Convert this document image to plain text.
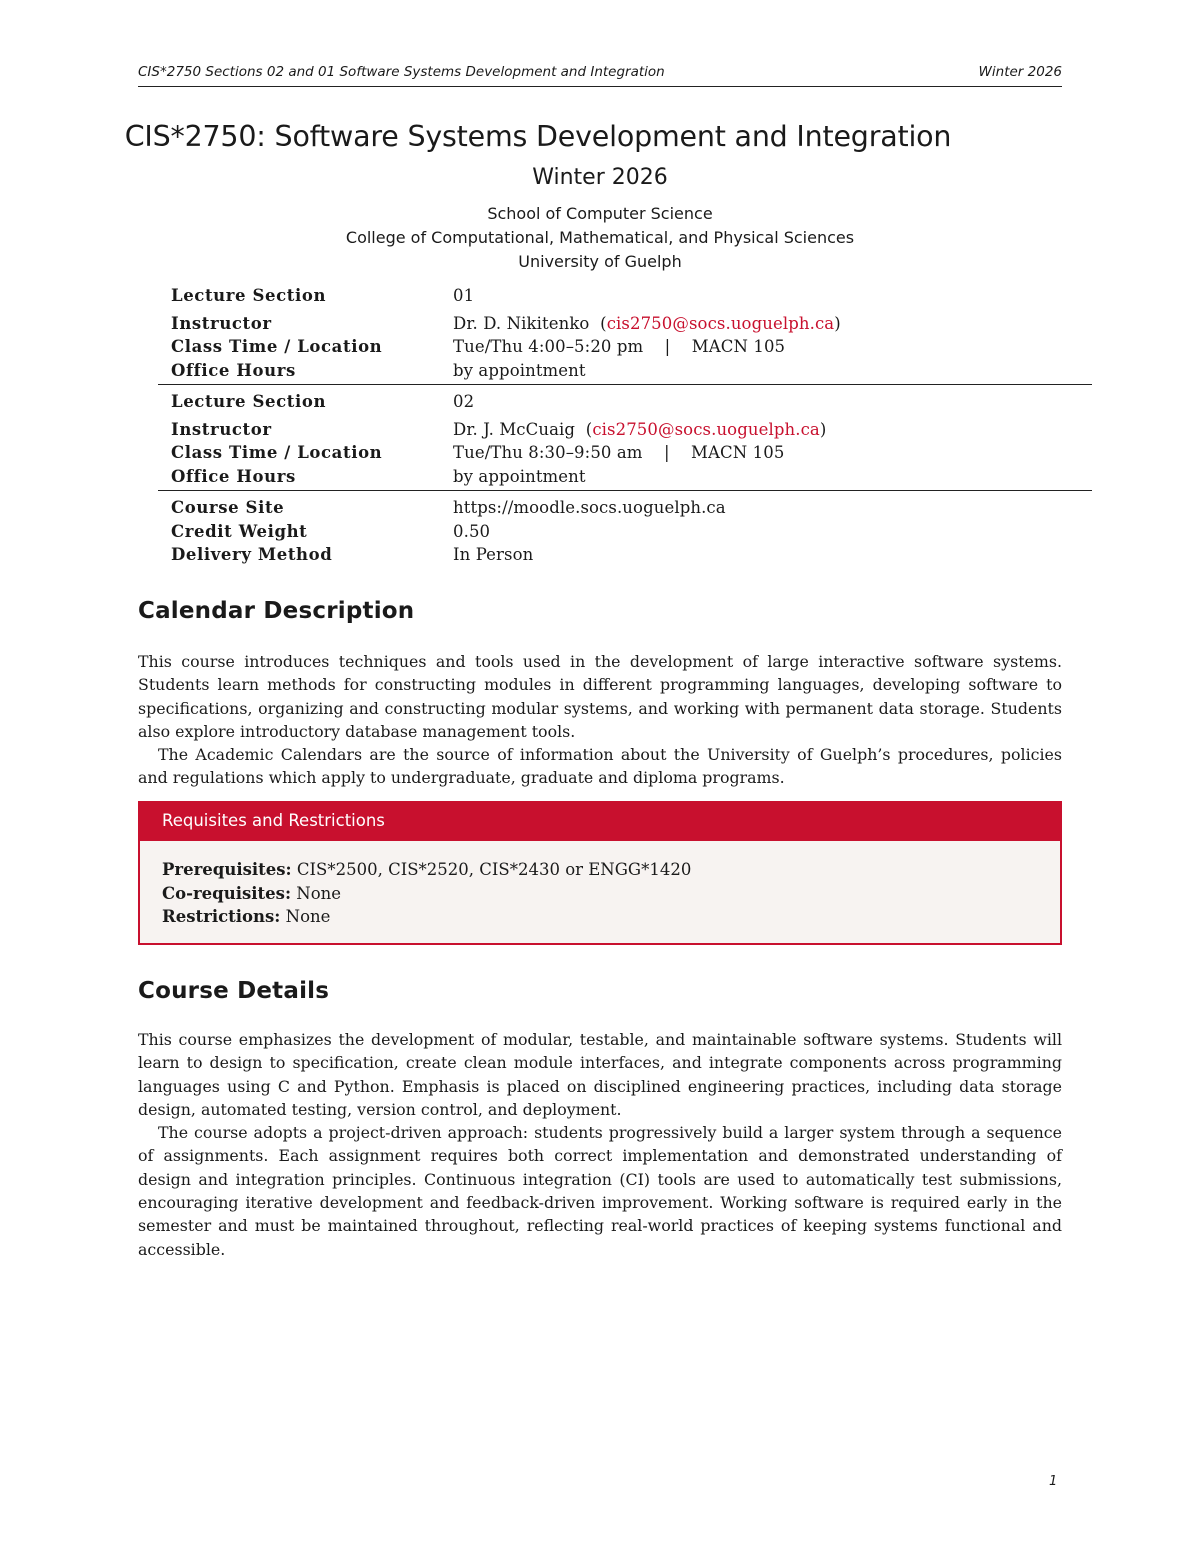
CIS*2750 Sections 02 and 01 Software Systems Development and Integration	Winter 2026
CIS*2750: Software Systems Development and Integration
Winter 2026
School of Computer Science
College of Computational, Mathematical, and Physical Sciences
University of Guelph
Lecture Section	01
Instructor	Dr. D. Nikitenko  (cis2750@socs.uoguelph.ca)
Class Time / Location	Tue/Thu 4:00–5:20 pm | MACN 105
Office Hours	by appointment
Lecture Section	02
Instructor	Dr. J. McCuaig  (cis2750@socs.uoguelph.ca)
Class Time / Location	Tue/Thu 8:30–9:50 am | MACN 105
Office Hours	by appointment
Course Site	https://moodle.socs.uoguelph.ca
Credit Weight	0.50
Delivery Method	In Person
Calendar Description

This course introduces techniques and tools used in the development of large interactive software systems. Students learn methods for constructing modules in different programming languages, developing software to specifications, organizing and constructing modular systems, and working with permanent data storage. Students also explore introductory database management tools.

The Academic Calendars are the source of information about the University of Guelph’s procedures, policies and regulations which apply to undergraduate, graduate and diploma programs.

Requisites and Restrictions
Prerequisites: CIS*2500, CIS*2520, CIS*2430 or ENGG*1420
Co-requisites: None
Restrictions: None
Course Details

This course emphasizes the development of modular, testable, and maintainable software systems. Students will learn to design to specification, create clean module interfaces, and integrate components across programming languages using C and Python. Emphasis is placed on disciplined engineering practices, including data storage design, automated testing, version control, and deployment.

The course adopts a project-driven approach: students progressively build a larger system through a sequence of assignments. Each assignment requires both correct implementation and demonstrated understanding of design and integration principles. Continuous integration (CI) tools are used to automatically test submissions, encouraging iterative development and feedback-driven improvement. Working software is required early in the semester and must be maintained throughout, reflecting real-world practices of keeping systems functional and accessible.

1
